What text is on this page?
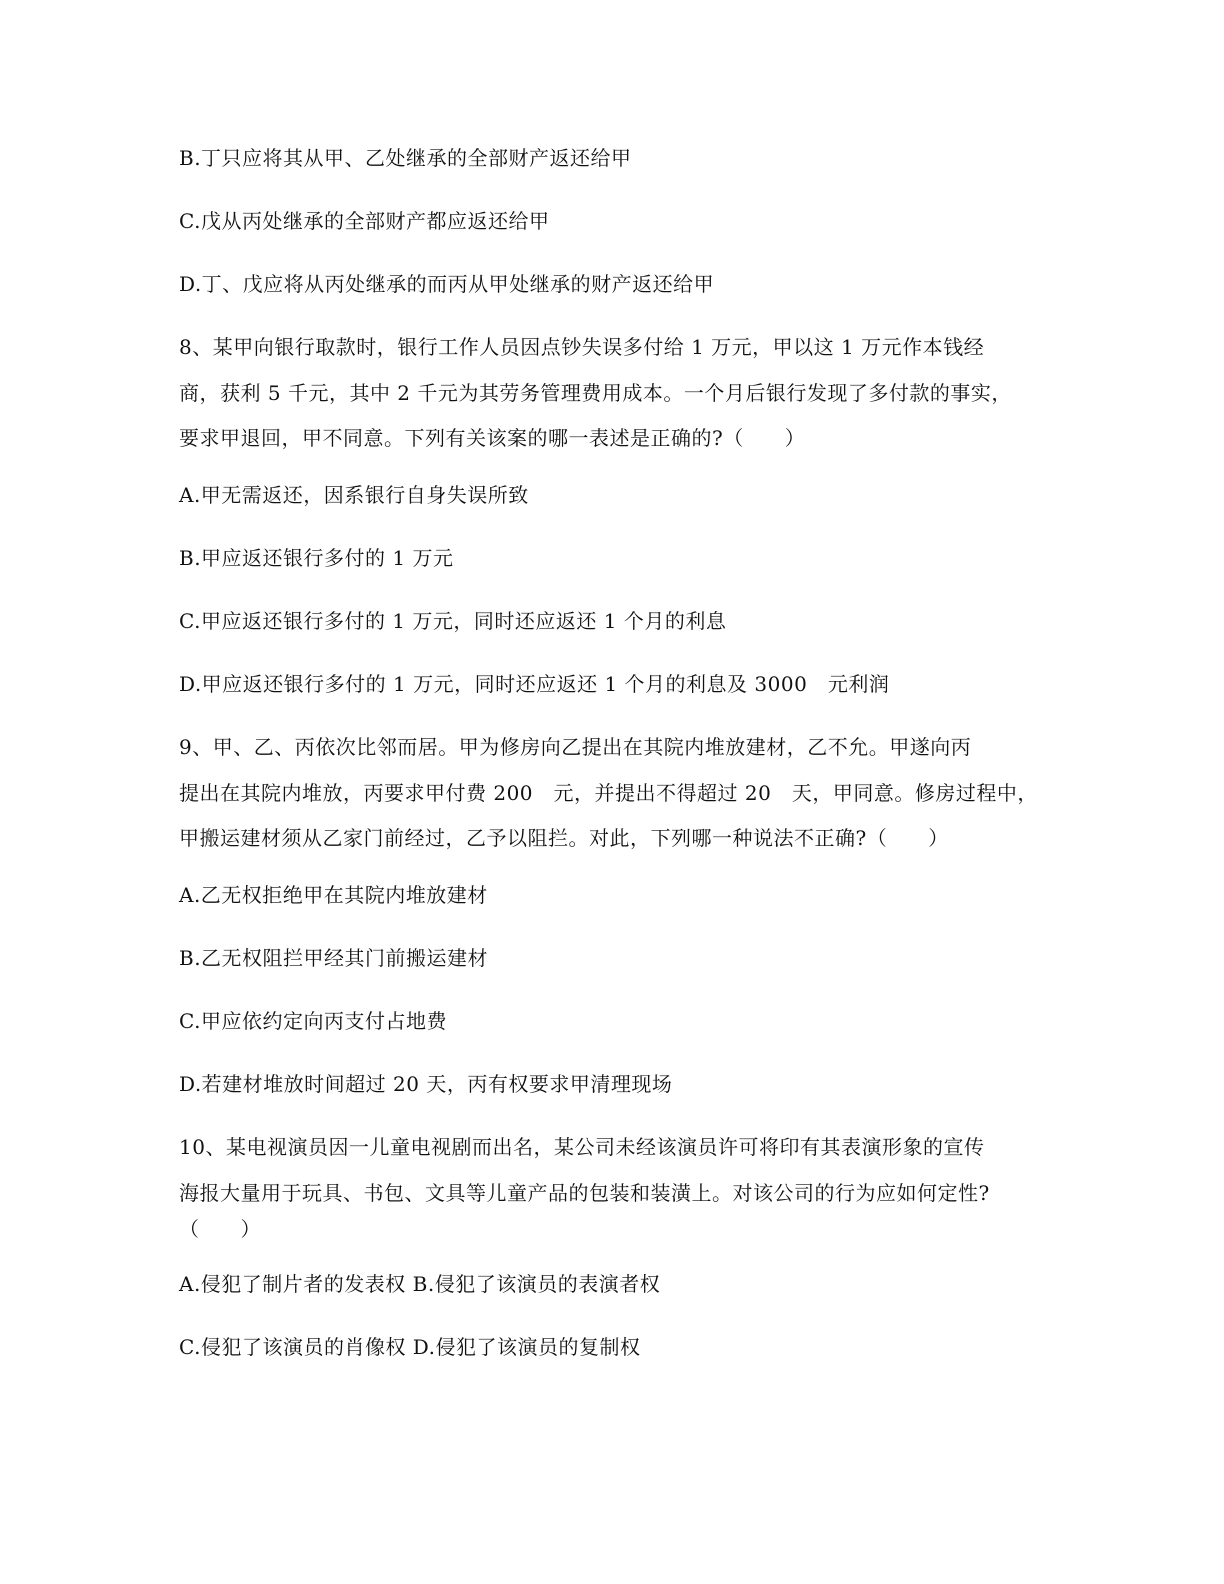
B.丁只应将其从甲、乙处继承的全部财产返还给甲
C.戊从丙处继承的全部财产都应返还给甲
D.丁、戊应将从丙处继承的而丙从甲处继承的财产返还给甲
8、某甲向银行取款时，银行工作人员因点钞失误多付给 1 万元，甲以这 1 万元作本钱经
商，获利 5 千元，其中 2 千元为其劳务管理费用成本。一个月后银行发现了多付款的事实，
要求甲退回，甲不同意。下列有关该案的哪一表述是正确的?（　　）
A.甲无需返还，因系银行自身失误所致
B.甲应返还银行多付的 1 万元
C.甲应返还银行多付的 1 万元，同时还应返还 1 个月的利息
D.甲应返还银行多付的 1 万元，同时还应返还 1 个月的利息及 3000　元利润
9、甲、乙、丙依次比邻而居。甲为修房向乙提出在其院内堆放建材，乙不允。甲遂向丙
提出在其院内堆放，丙要求甲付费 200　元，并提出不得超过 20　天，甲同意。修房过程中，
甲搬运建材须从乙家门前经过，乙予以阻拦。对此，下列哪一种说法不正确?（　　）
A.乙无权拒绝甲在其院内堆放建材
B.乙无权阻拦甲经其门前搬运建材
C.甲应依约定向丙支付占地费
D.若建材堆放时间超过 20 天，丙有权要求甲清理现场
10、某电视演员因一儿童电视剧而出名，某公司未经该演员许可将印有其表演形象的宣传
海报大量用于玩具、书包、文具等儿童产品的包装和装潢上。对该公司的行为应如何定性?
（　　）
A.侵犯了制片者的发表权 B.侵犯了该演员的表演者权
C.侵犯了该演员的肖像权 D.侵犯了该演员的复制权
